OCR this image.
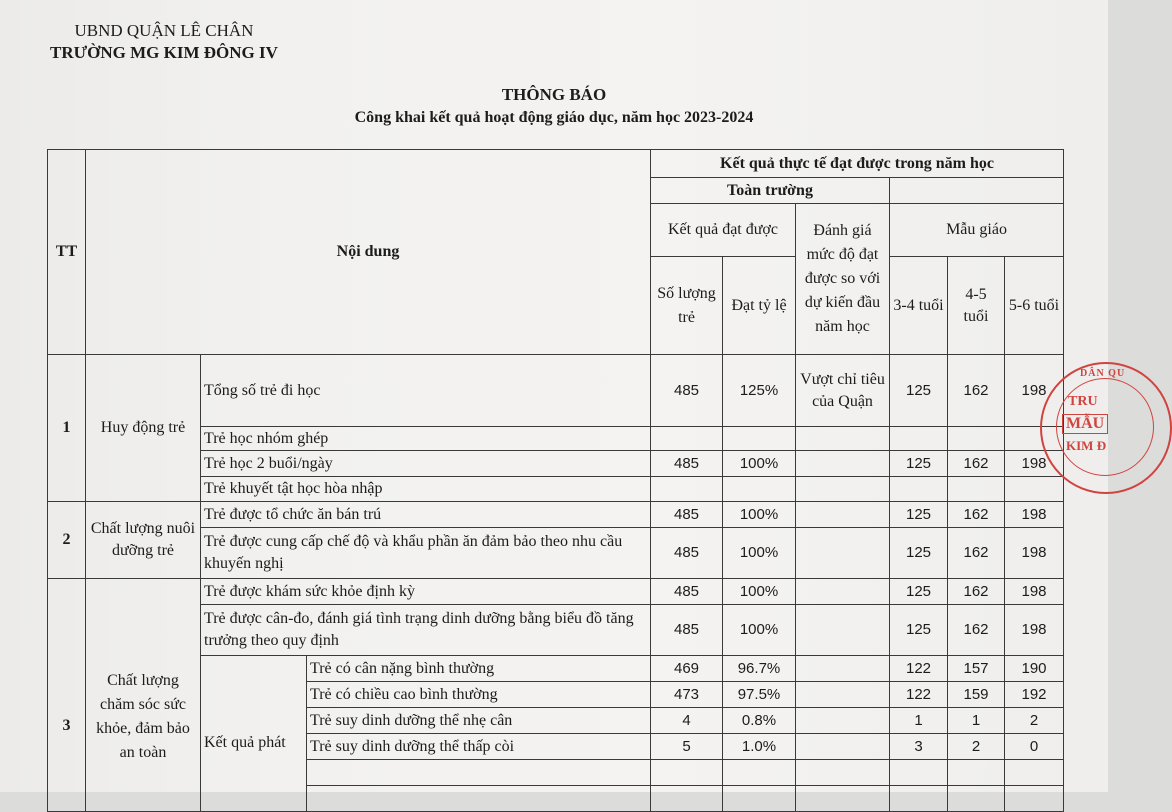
UBND QUẬN LÊ CHÂN
TRƯỜNG MG KIM ĐÔNG IV
THÔNG BÁO
Công khai kết quả hoạt động giáo dục, năm học 2023-2024
TT	Nội dung			Kết quả thực tế đạt được trong năm học					
				Toàn trường					
				Kết quả đạt được		Đánh giá mức độ đạt được so với dự kiến đầu năm học	Mẫu giáo		
				Số lượng trẻ	Đạt tỷ lệ		3-4 tuổi	4-5 tuổi	5-6 tuổi
1	Huy động trẻ	Tổng số trẻ đi học		485	125%	Vượt chỉ tiêu của Quận	125	162	198
		Trẻ học nhóm ghép							
		Trẻ học 2 buổi/ngày		485	100%		125	162	198
		Trẻ khuyết tật học hòa nhập							
2	Chất lượng nuôi dưỡng trẻ	Trẻ được tổ chức ăn bán trú		485	100%		125	162	198
		Trẻ được cung cấp chế độ và khẩu phần ăn đảm bảo theo nhu cầu khuyến nghị		485	100%		125	162	198
3	Chất lượng chăm sóc sức khỏe, đảm bảo an toàn	Trẻ được khám sức khỏe định kỳ		485	100%		125	162	198
		Trẻ được cân-đo, đánh giá tình trạng dinh dưỡng bằng biểu đồ tăng trưởng theo quy định		485	100%		125	162	198
		Kết quả phát	Trẻ có cân nặng bình thường	469	96.7%		122	157	190
			Trẻ có chiều cao bình thường	473	97.5%		122	159	192
			Trẻ suy dinh dưỡng thể nhẹ cân	4	0.8%		1	1	2
			Trẻ suy dinh dưỡng thể thấp còi	5	1.0%		3	2	0

DÂN QU
TRU
MẪU
KIM Đ
